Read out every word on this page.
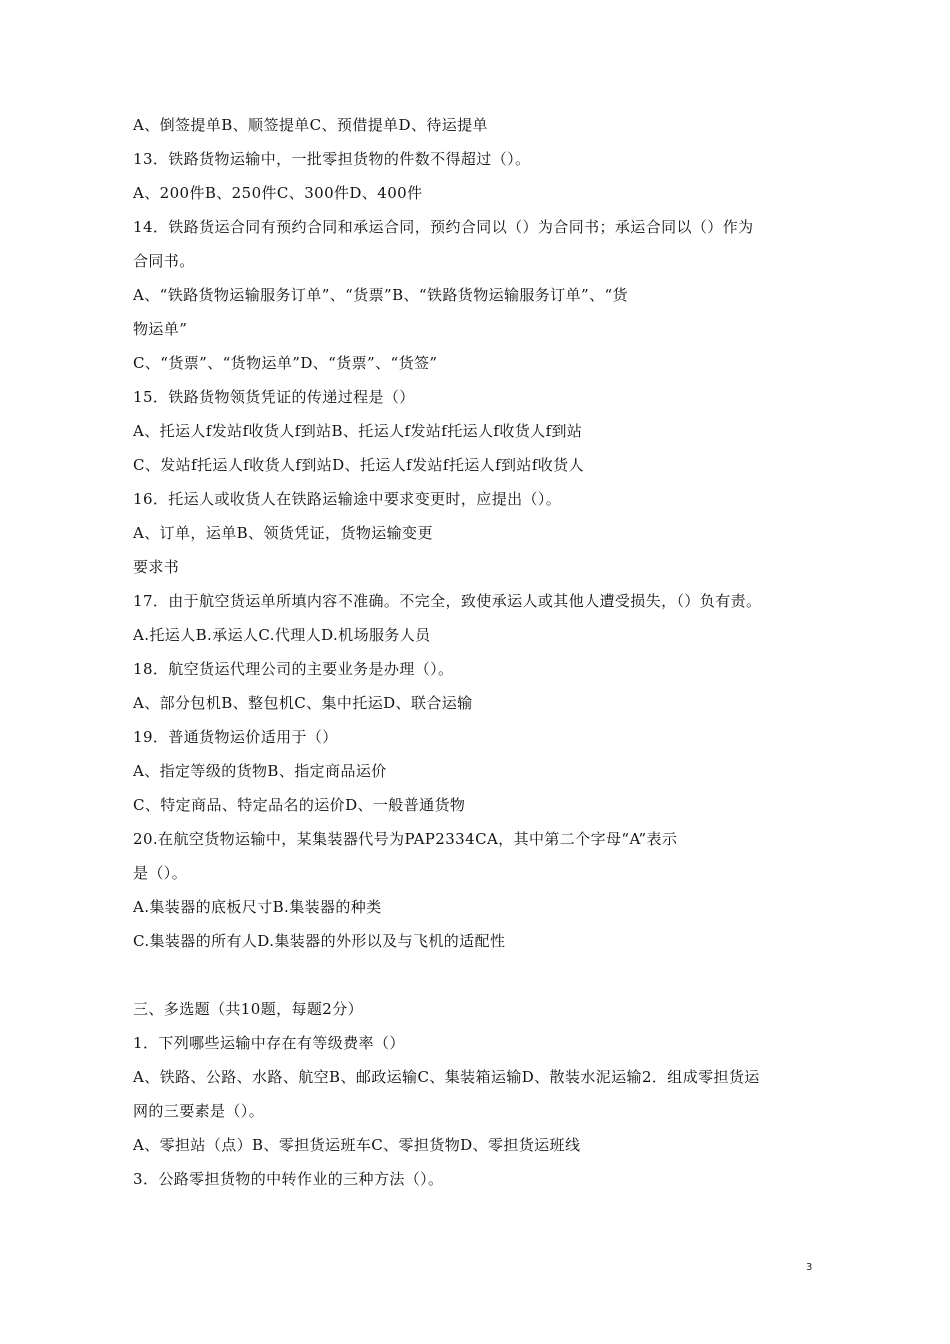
A、倒签提单B、顺签提单C、预借提单D、待运提单
13．铁路货物运输中，一批零担货物的件数不得超过（）。
A、200件B、250件C、300件D、400件
14．铁路货运合同有预约合同和承运合同，预约合同以（）为合同书；承运合同以（）作为
合同书。
A、“铁路货物运输服务订单”、“货票”B、“铁路货物运输服务订单”、“货
物运单”
C、“货票”、“货物运单”D、“货票”、“货签”
15．铁路货物领货凭证的传递过程是（）
A、托运人f发站f收货人f到站B、托运人f发站f托运人f收货人f到站
C、发站f托运人f收货人f到站D、托运人f发站f托运人f到站f收货人
16．托运人或收货人在铁路运输途中要求变更时，应提出（）。
A、订单，运单B、领货凭证，货物运输变更
要求书
17．由于航空货运单所填内容不准确。不完全，致使承运人或其他人遭受损失，（）负有责。
A.托运人B.承运人C.代理人D.机场服务人员
18．航空货运代理公司的主要业务是办理（）。
A、部分包机B、整包机C、集中托运D、联合运输
19．普通货物运价适用于（）
A、指定等级的货物B、指定商品运价
C、特定商品、特定品名的运价D、一般普通货物
20.在航空货物运输中，某集装器代号为PAP2334CA，其中第二个字母“A”表示
是（）。
A.集装器的底板尺寸B.集装器的种类
C.集装器的所有人D.集装器的外形以及与飞机的适配性
三、多选题（共10题，每题2分）
1．下列哪些运输中存在有等级费率（）
A、铁路、公路、水路、航空B、邮政运输C、集装箱运输D、散装水泥运输2．组成零担货运
网的三要素是（）。
A、零担站（点）B、零担货运班车C、零担货物D、零担货运班线
3．公路零担货物的中转作业的三种方法（）。
3
